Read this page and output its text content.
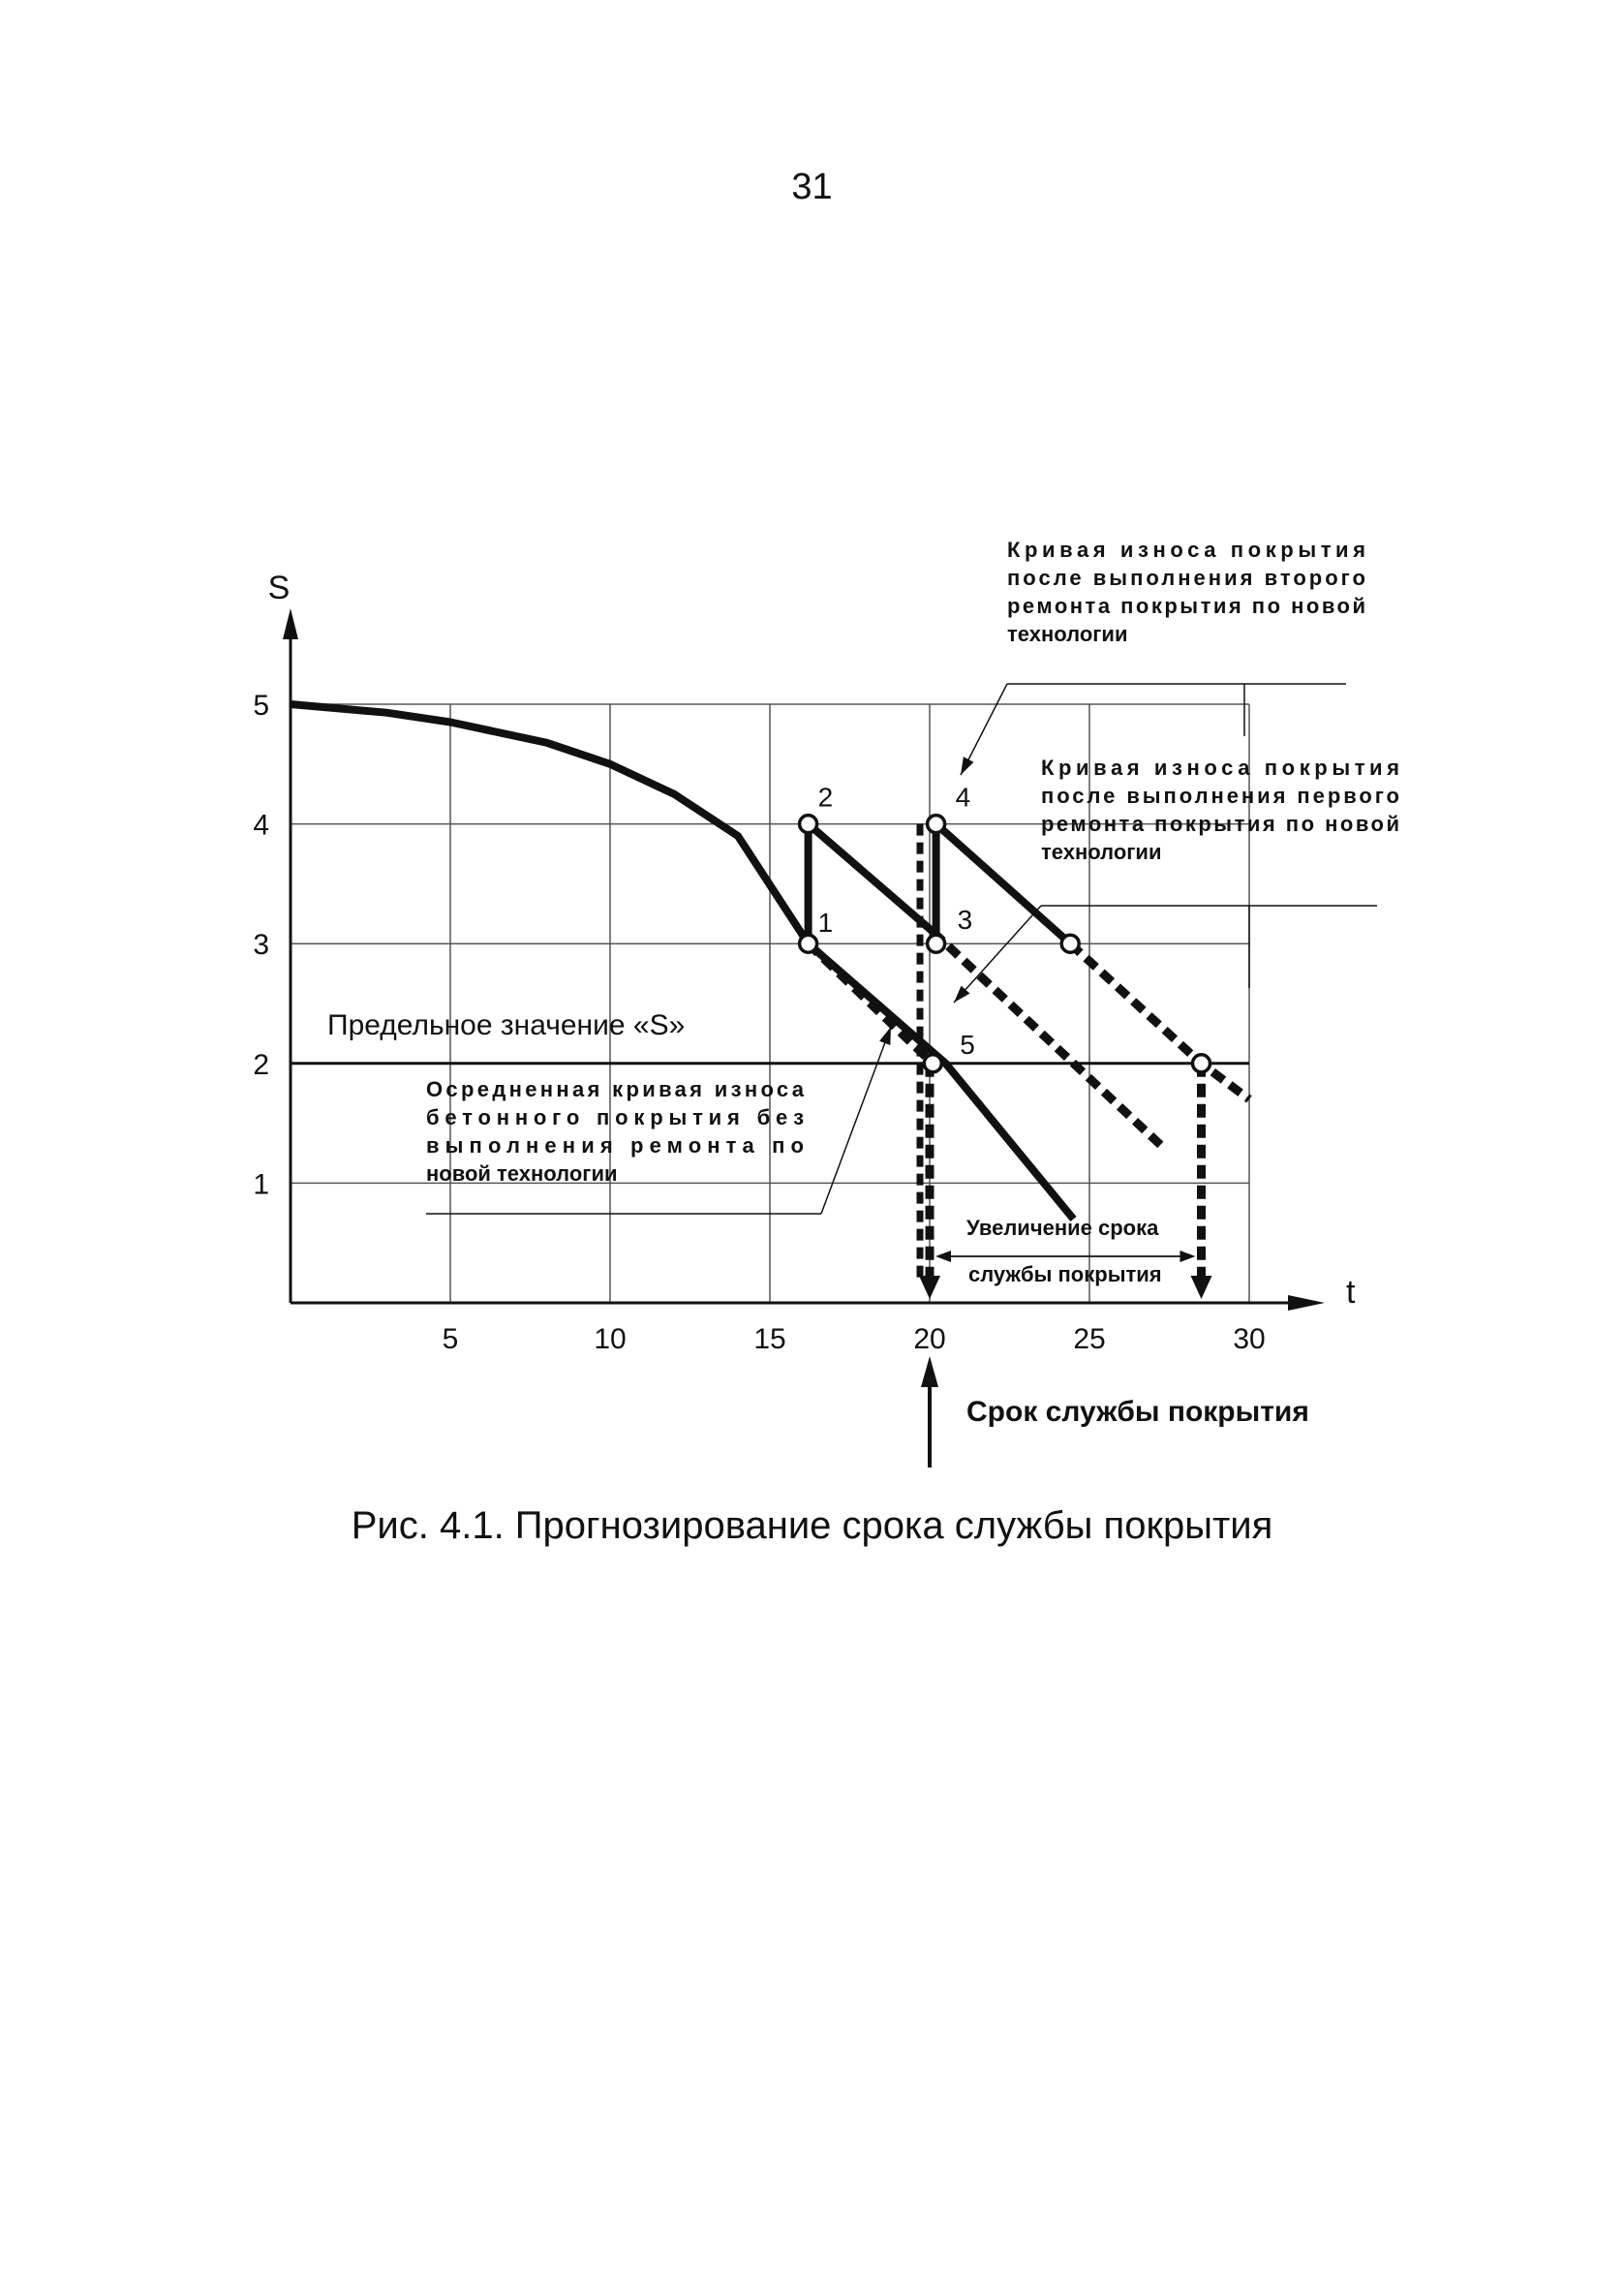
31
5	10	15	20	25	30
1
2
3
4
5
1
2
3
4
5
Кривая износа покрытия
после выполнения второго
ремонта покрытия по новой
технологии
Кривая износа покрытия
после выполнения первого
ремонта покрытия по новой
технологии
Осредненная кривая износа
бетонного покрытия без
выполнения ремонта по
новой технологии
S
t
Предельное значение «S»
Срок службы покрытия
Увеличение срока
службы покрытия
Рис. 4.1. Прогнозирование срока службы покрытия
